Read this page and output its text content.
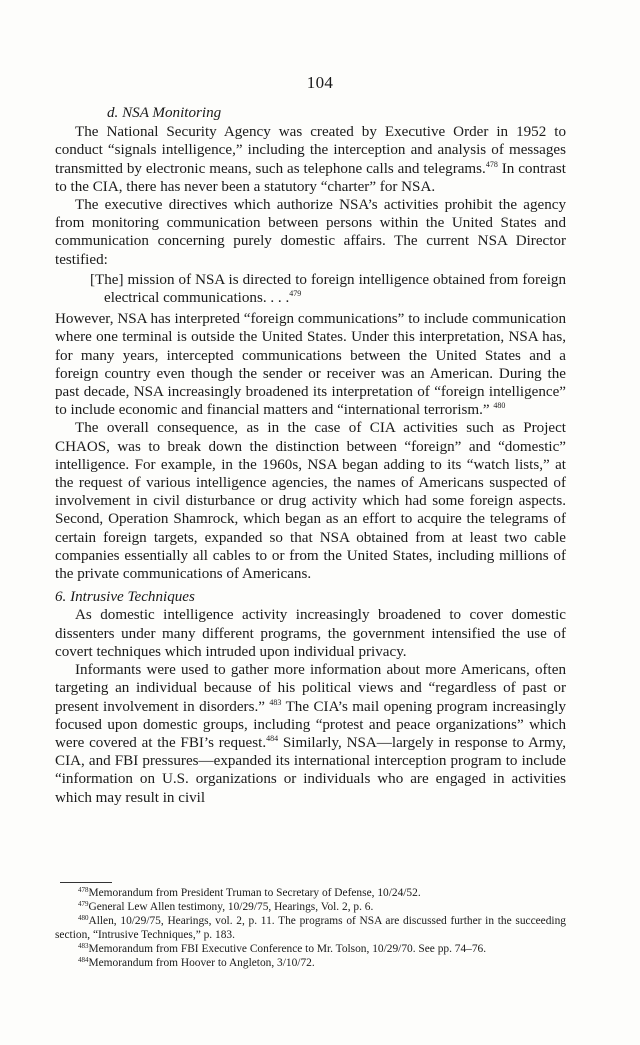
104

d. NSA Monitoring

The National Security Agency was created by Executive Order in 1952 to conduct “signals intelligence,” including the interception and analysis of messages transmitted by electronic means, such as telephone calls and telegrams.$^{478}$ In contrast to the CIA, there has never been a statutory “charter” for NSA.

The executive directives which authorize NSA’s activities prohibit the agency from monitoring communication between persons within the United States and communication concerning purely domestic affairs. The current NSA Director testified:

[The] mission of NSA is directed to foreign intelligence obtained from foreign electrical communications. . . .$^{479}$

However, NSA has interpreted “foreign communications” to include communication where one terminal is outside the United States. Under this interpretation, NSA has, for many years, intercepted communications between the United States and a foreign country even though the sender or receiver was an American. During the past decade, NSA increasingly broadened its interpretation of “foreign intelligence” to include economic and financial matters and “international terrorism.” $^{480}$

The overall consequence, as in the case of CIA activities such as Project CHAOS, was to break down the distinction between “foreign” and “domestic” intelligence. For example, in the 1960s, NSA began adding to its “watch lists,” at the request of various intelligence agencies, the names of Americans suspected of involvement in civil disturbance or drug activity which had some foreign aspects. Second, Operation Shamrock, which began as an effort to acquire the telegrams of certain foreign targets, expanded so that NSA obtained from at least two cable companies essentially all cables to or from the United States, including millions of the private communications of Americans.

6. Intrusive Techniques

As domestic intelligence activity increasingly broadened to cover domestic dissenters under many different programs, the government intensified the use of covert techniques which intruded upon individual privacy.

Informants were used to gather more information about more Americans, often targeting an individual because of his political views and “regardless of past or present involvement in disorders.” $^{483}$ The CIA’s mail opening program increasingly focused upon domestic groups, including “protest and peace organizations” which were covered at the FBI’s request.$^{484}$ Similarly, NSA—largely in response to Army, CIA, and FBI pressures—expanded its international interception program to include “information on U.S. organizations or individuals who are engaged in activities which may result in civil

$^{478}$Memorandum from President Truman to Secretary of Defense, 10/24/52.

$^{479}$General Lew Allen testimony, 10/29/75, Hearings, Vol. 2, p. 6.

$^{480}$Allen, 10/29/75, Hearings, vol. 2, p. 11. The programs of NSA are discussed further in the succeeding section, “Intrusive Techniques,” p. 183.

$^{483}$Memorandum from FBI Executive Conference to Mr. Tolson, 10/29/70. See pp. 74–76.

$^{484}$Memorandum from Hoover to Angleton, 3/10/72.
